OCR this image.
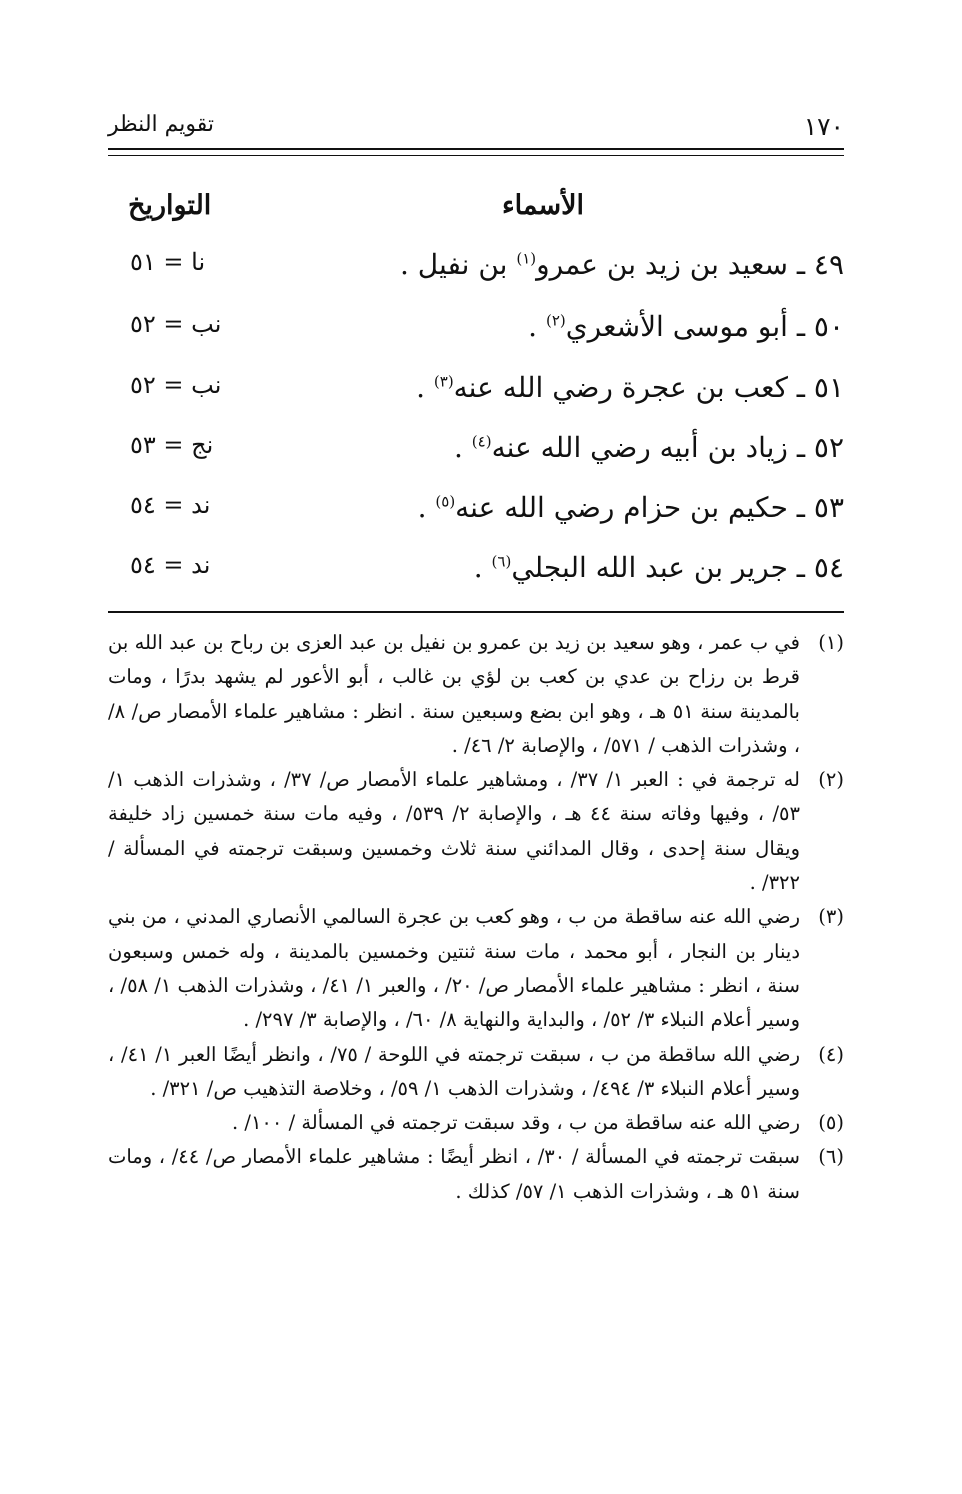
١٧٠
تقويم النظر
الأسماء
التواريخ
٤٩ ـ سعيد بن زيد بن عمرو$^{(١)}$ بن نفيل .
نا = ٥١
٥٠ ـ أبو موسى الأشعري$^{(٢)}$ .
نب = ٥٢
٥١ ـ كعب بن عجرة رضي الله عنه$^{(٣)}$ .
نب = ٥٢
٥٢ ـ زياد بن أبيه رضي الله عنه$^{(٤)}$ .
نج = ٥٣
٥٣ ـ حكيم بن حزام رضي الله عنه$^{(٥)}$ .
ند = ٥٤
٥٤ ـ جرير بن عبد الله البجلي$^{(٦)}$ .
ند = ٥٤

(١)
في ب عمر ، وهو سعيد بن زيد بن عمرو بن نفيل بن عبد العزى بن رباح بن عبد الله بن قرط بن رزاح بن عدي بن كعب بن لؤي بن غالب ، أبو الأعور لم يشهد بدرًا ، ومات بالمدينة سنة ٥١ هـ ، وهو ابن بضع وسبعين سنة . انظر : مشاهير علماء الأمصار ص/ ٨/ ، وشذرات الذهب / ٥٧١/ ، والإصابة ٢/ ٤٦/ .

(٢)
له ترجمة في : العبر ١/ ٣٧/ ، ومشاهير علماء الأمصار ص/ ٣٧/ ، وشذرات الذهب ١/ ٥٣/ ، وفيها وفاته سنة ٤٤ هـ ، والإصابة ٢/ ٥٣٩/ ، وفيه مات سنة خمسين زاد خليفة ويقال سنة إحدى ، وقال المدائني سنة ثلاث وخمسين وسبقت ترجمته في المسألة / ٣٢٢/ .

(٣)
رضي الله عنه ساقطة من ب ، وهو كعب بن عجرة السالمي الأنصاري المدني ، من بني دينار بن النجار ، أبو محمد ، مات سنة ثنتين وخمسين بالمدينة ، وله خمس وسبعون سنة ، انظر : مشاهير علماء الأمصار ص/ ٢٠/ ، والعبر ١/ ٤١/ ، وشذرات الذهب ١/ ٥٨/ ، وسير أعلام النبلاء ٣/ ٥٢/ ، والبداية والنهاية ٨/ ٦٠/ ، والإصابة ٣/ ٢٩٧/ .

(٤)
رضي الله ساقطة من ب ، سبقت ترجمته في اللوحة / ٧٥/ ، وانظر أيضًا العبر ١/ ٤١/ ، وسير أعلام النبلاء ٣/ ٤٩٤/ ، وشذرات الذهب ١/ ٥٩/ ، وخلاصة التذهيب ص/ ٣٢١/ .

(٥)
رضي الله عنه ساقطة من ب ، وقد سبقت ترجمته في المسألة / ١٠٠/ .

(٦)
سبقت ترجمته في المسألة / ٣٠/ ، انظر أيضًا : مشاهير علماء الأمصار ص/ ٤٤/ ، ومات سنة ٥١ هـ ، وشذرات الذهب ١/ ٥٧/ كذلك .
